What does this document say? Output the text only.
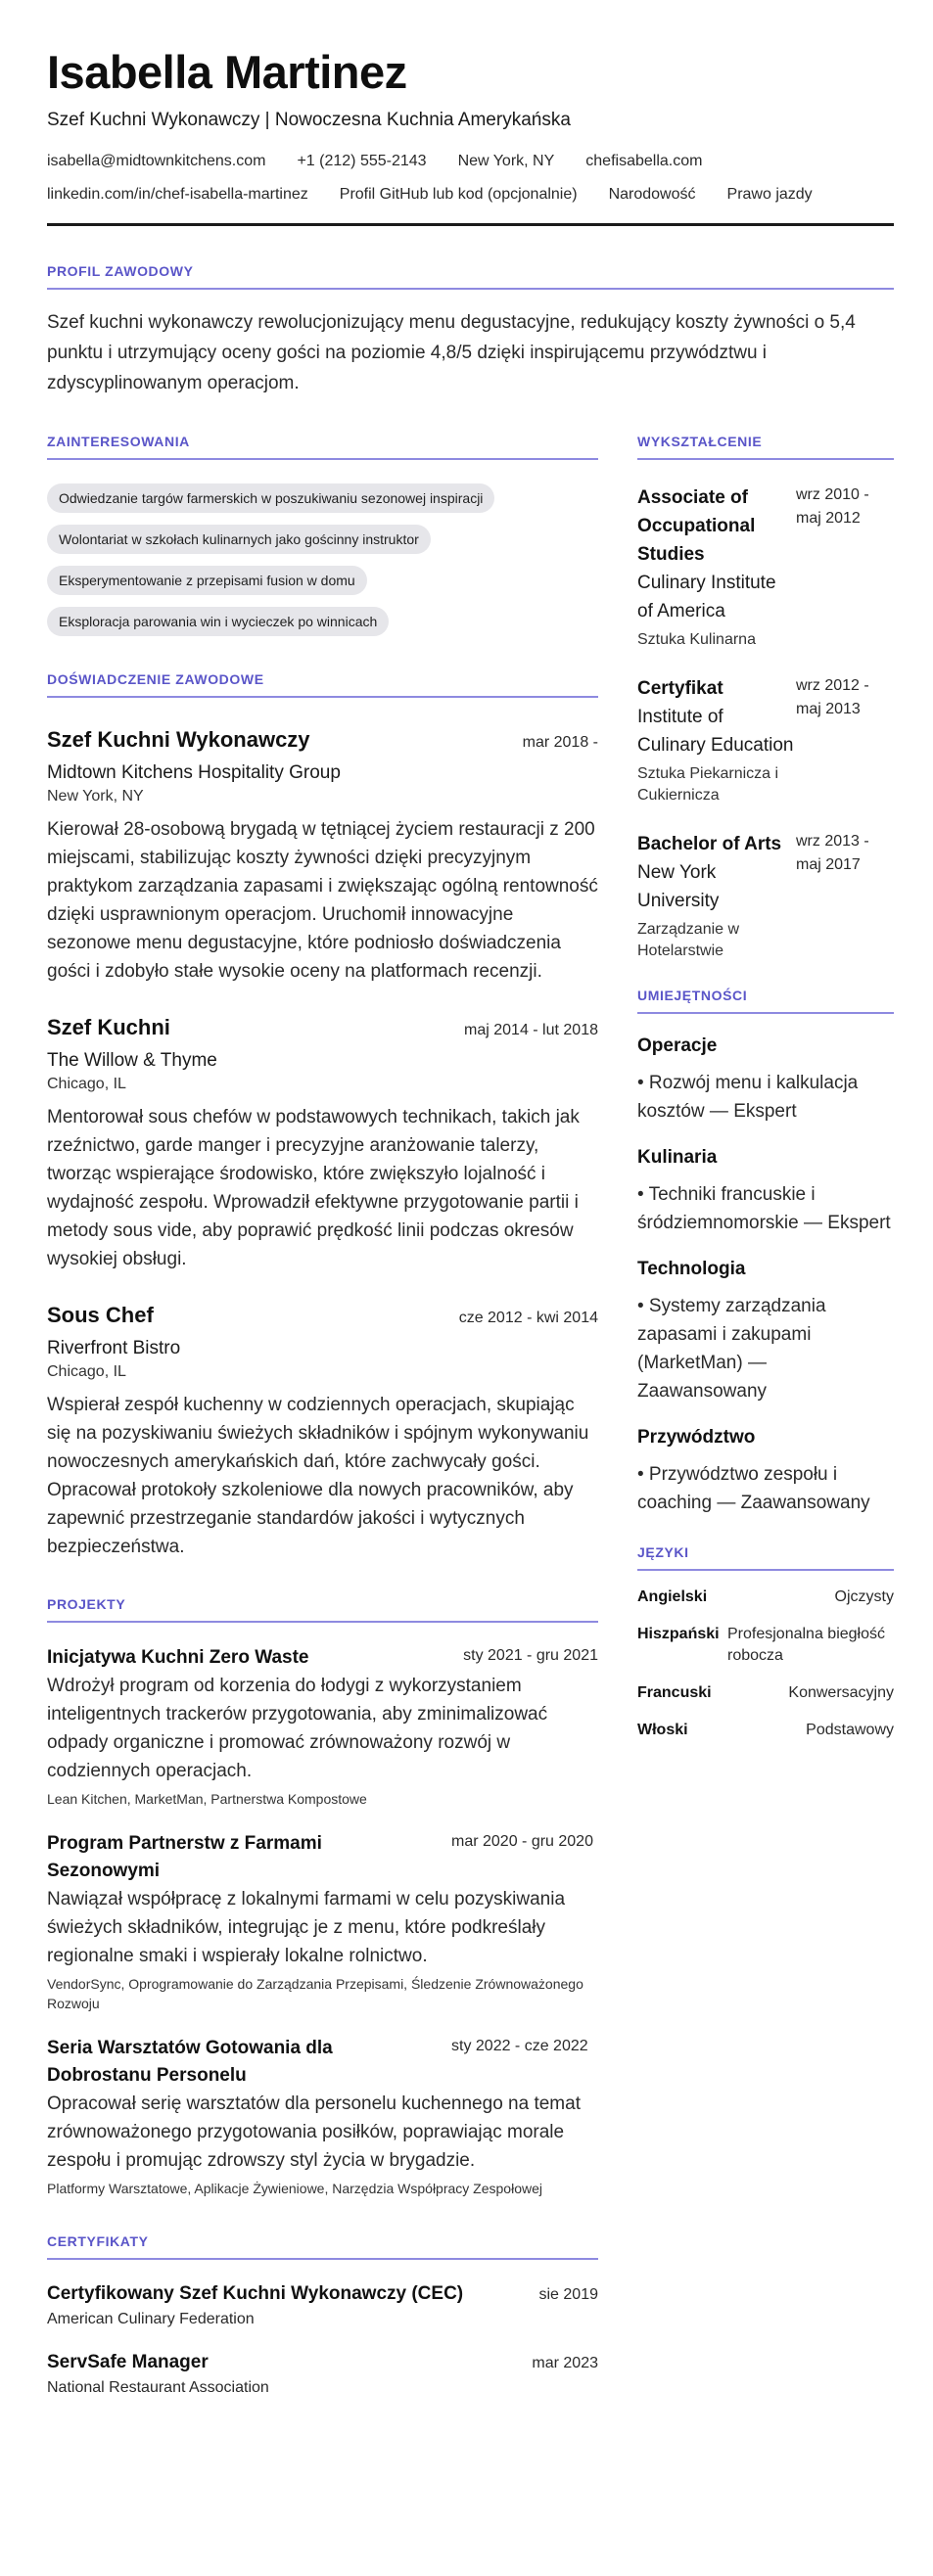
Isabella Martinez
Szef Kuchni Wykonawczy | Nowoczesna Kuchnia Amerykańska
isabella@midtownkitchens.com +1 (212) 555-2143 New York, NY chefisabella.com
linkedin.com/in/chef-isabella-martinez Profil GitHub lub kod (opcjonalnie) Narodowość Prawo jazdy
PROFIL ZAWODOWY

Szef kuchni wykonawczy rewolucjonizujący menu degustacyjne, redukujący koszty żywności o 5,4 punktu i utrzymujący oceny gości na poziomie 4,8/5 dzięki inspirującemu przywództwu i zdyscyplinowanym operacjom.

ZAINTERESOWANIA
Odwiedzanie targów farmerskich w poszukiwaniu sezonowej inspiracji
Wolontariat w szkołach kulinarnych jako gościnny instruktor
Eksperymentowanie z przepisami fusion w domu
Eksploracja parowania win i wycieczek po winnicach
DOŚWIADCZENIE ZAWODOWE
Szef Kuchni Wykonawczy	mar 2018 -
Midtown Kitchens Hospitality Group
New York, NY
Kierował 28-osobową brygadą w tętniącej życiem restauracji z 200 miejscami, stabilizując koszty żywności dzięki precyzyjnym praktykom zarządzania zapasami i zwiększając ogólną rentowność dzięki usprawnionym operacjom. Uruchomił innowacyjne sezonowe menu degustacyjne, które podniosło doświadczenia gości i zdobyło stałe wysokie oceny na platformach recenzji.
Szef Kuchni	maj 2014 - lut 2018
The Willow & Thyme
Chicago, IL
Mentorował sous chefów w podstawowych technikach, takich jak rzeźnictwo, garde manger i precyzyjne aranżowanie talerzy, tworząc wspierające środowisko, które zwiększyło lojalność i wydajność zespołu. Wprowadził efektywne przygotowanie partii i metody sous vide, aby poprawić prędkość linii podczas okresów wysokiej obsługi.
Sous Chef	cze 2012 - kwi 2014
Riverfront Bistro
Chicago, IL
Wspierał zespół kuchenny w codziennych operacjach, skupiając się na pozyskiwaniu świeżych składników i spójnym wykonywaniu nowoczesnych amerykańskich dań, które zachwycały gości. Opracował protokoły szkoleniowe dla nowych pracowników, aby zapewnić przestrzeganie standardów jakości i wytycznych bezpieczeństwa.
PROJEKTY
Inicjatywa Kuchni Zero Waste	sty 2021 - gru 2021
Wdrożył program od korzenia do łodygi z wykorzystaniem inteligentnych trackerów przygotowania, aby zminimalizować odpady organiczne i promować zrównoważony rozwój w codziennych operacjach.
Lean Kitchen, MarketMan, Partnerstwa Kompostowe
Program Partnerstw z Farmami Sezonowymi
mar 2020 - gru 2020
Nawiązał współpracę z lokalnymi farmami w celu pozyskiwania świeżych składników, integrując je z menu, które podkreślały regionalne smaki i wspierały lokalne rolnictwo.
VendorSync, Oprogramowanie do Zarządzania Przepisami, Śledzenie Zrównoważonego Rozwoju
Seria Warsztatów Gotowania dla Dobrostanu Personelu
sty 2022 - cze 2022
Opracował serię warsztatów dla personelu kuchennego na temat zrównoważonego przygotowania posiłków, poprawiając morale zespołu i promując zdrowszy styl życia w brygadzie.
Platformy Warsztatowe, Aplikacje Żywieniowe, Narzędzia Współpracy Zespołowej
CERTYFIKATY
Certyfikowany Szef Kuchni Wykonawczy (CEC)	sie 2019
American Culinary Federation
ServSafe Manager	mar 2023
National Restaurant Association
WYKSZTAŁCENIE
Associate of Occupational Studies
Culinary Institute of America
Sztuka Kulinarna
wrz 2010 - maj 2012
Certyfikat
Institute of Culinary Education
Sztuka Piekarnicza i Cukiernicza
wrz 2012 - maj 2013
Bachelor of Arts
New York University
Zarządzanie w Hotelarstwie
wrz 2013 - maj 2017
UMIEJĘTNOŚCI
Operacje
• Rozwój menu i kalkulacja kosztów — Ekspert
Kulinaria
• Techniki francuskie i śródziemnomorskie — Ekspert
Technologia
• Systemy zarządzania zapasami i zakupami (MarketMan) — Zaawansowany
Przywództwo
• Przywództwo zespołu i coaching — Zaawansowany
JĘZYKI
Angielski	Ojczysty
Hiszpański Profesjonalna biegłość robocza
Francuski	Konwersacyjny
Włoski	Podstawowy
